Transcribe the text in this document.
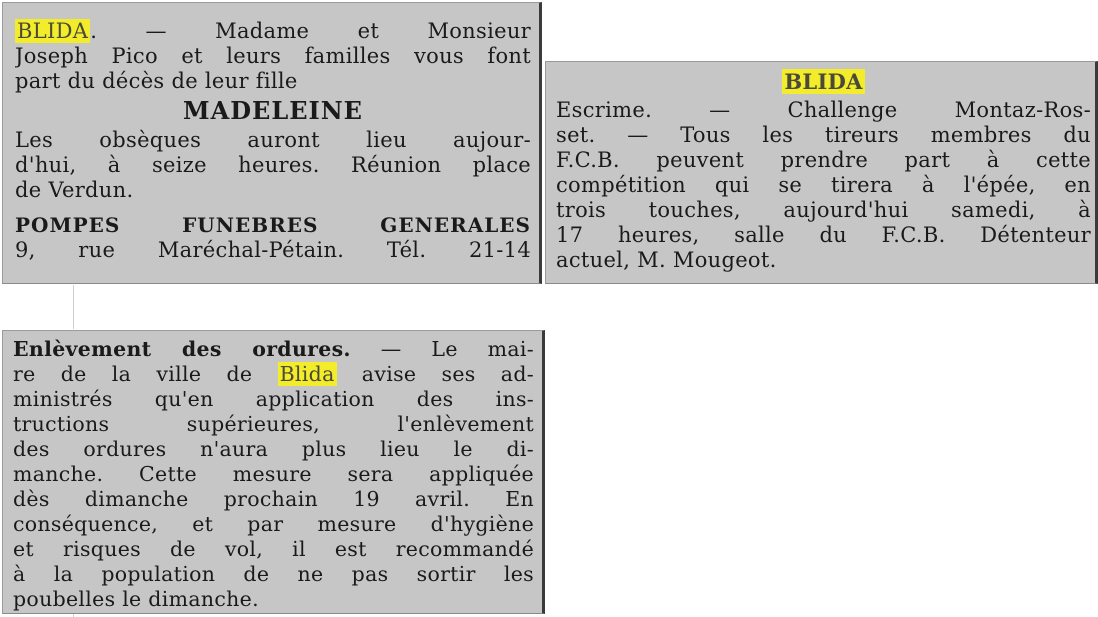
BLIDA. — Madame et Monsieur
Joseph Pico et leurs familles vous font
part du décès de leur fille
MADELEINE
Les obsèques auront lieu aujour-
d'hui, à seize heures. Réunion place
de Verdun.
POMPES FUNEBRES GENERALES
9, rue Maréchal-Pétain. Tél. 21-14
BLIDA
Escrime. — Challenge Montaz-Ros-
set. — Tous les tireurs membres du
F.C.B. peuvent prendre part à cette
compétition qui se tirera à l'épée, en
trois touches, aujourd'hui samedi, à
17 heures, salle du F.C.B. Détenteur
actuel, M. Mougeot.
Enlèvement des ordures. — Le mai-
re de la ville de Blida avise ses ad-
ministrés qu'en application des ins-
tructions supérieures, l'enlèvement
des ordures n'aura plus lieu le di-
manche. Cette mesure sera appliquée
dès dimanche prochain 19 avril. En
conséquence, et par mesure d'hygiène
et risques de vol, il est recommandé
à la population de ne pas sortir les
poubelles le dimanche.
